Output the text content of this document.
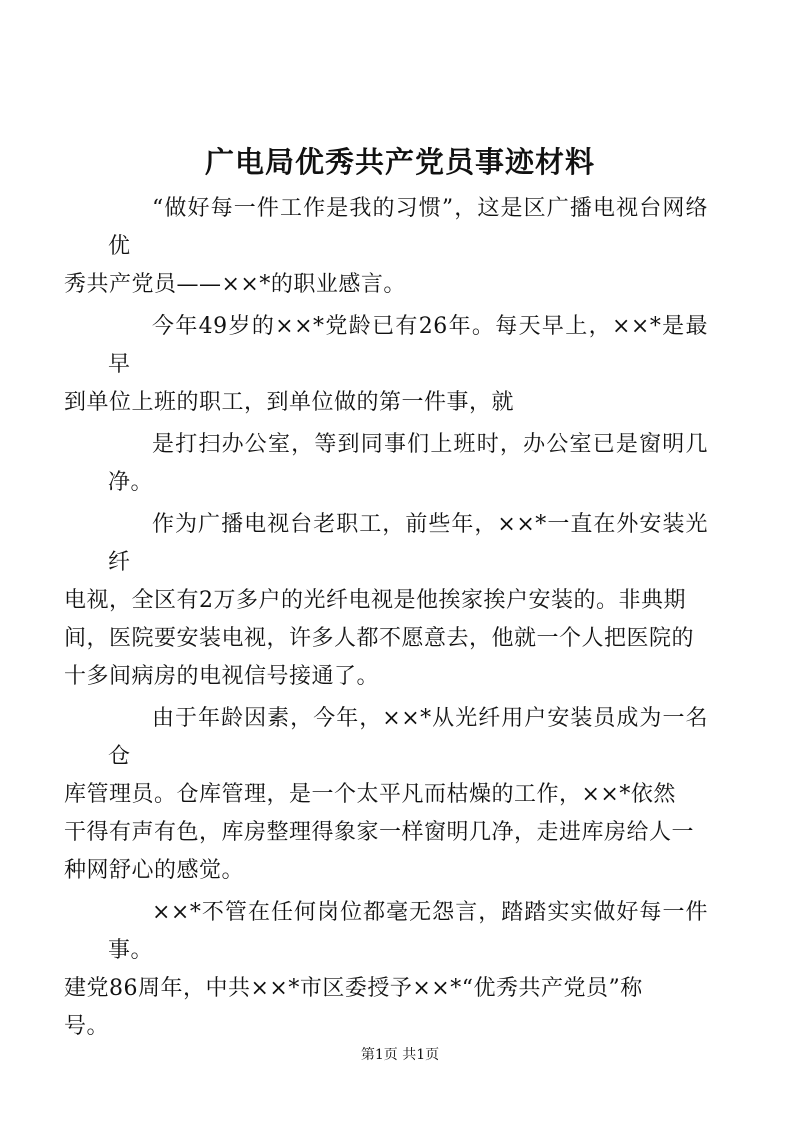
广电局优秀共产党员事迹材料

“做好每一件工作是我的习惯”，这是区广播电视台网络优
秀共产党员——××*的职业感言。

今年49岁的××*党龄已有26年。每天早上，××*是最早
到单位上班的职工，到单位做的第一件事，就

是打扫办公室，等到同事们上班时，办公室已是窗明几净。

作为广播电视台老职工，前些年，××*一直在外安装光纤
电视，全区有2万多户的光纤电视是他挨家挨户安装的。非典期
间，医院要安装电视，许多人都不愿意去，他就一个人把医院的
十多间病房的电视信号接通了。

由于年龄因素，今年，××*从光纤用户安装员成为一名仓
库管理员。仓库管理，是一个太平凡而枯燥的工作，××*依然
干得有声有色，库房整理得象家一样窗明几净，走进库房给人一
种网舒心的感觉。

××*不管在任何岗位都毫无怨言，踏踏实实做好每一件事。
建党86周年，中共××*市区委授予××*“优秀共产党员”称
号。

第1页 共1页
